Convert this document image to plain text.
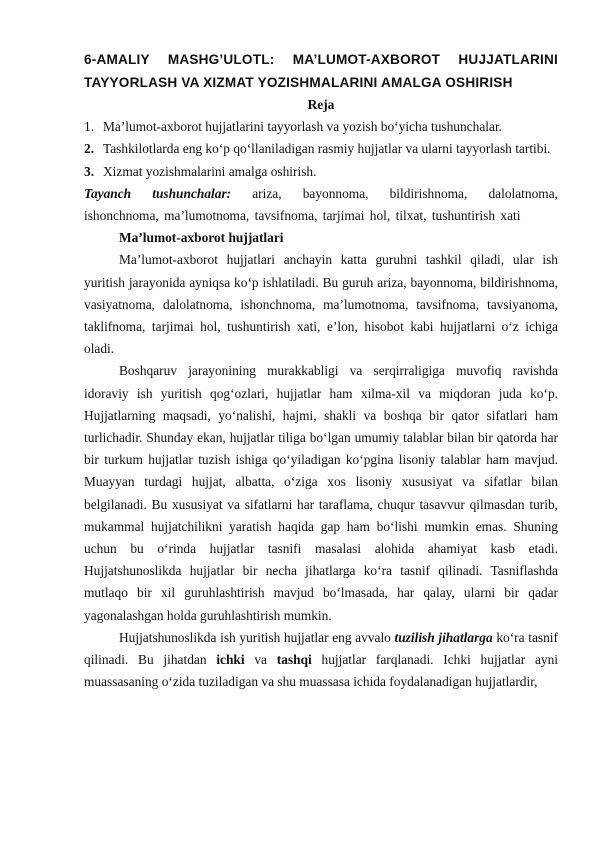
6-AMALIY MASHG’ULOTL: MA’LUMOT-AXBOROT HUJJATLARINI
TAYYORLASH VA XIZMAT YOZISHMALARINI AMALGA OSHIRISH
Reja

1. Ma’lumot-axborot hujjatlarini tayyorlash va yozish bo‘yicha tushunchalar.

2. Tashkilotlarda eng ko‘p qo‘llaniladigan rasmiy hujjatlar va ularni tayyorlash tartibi.

3. Xizmat yozishmalarini amalga oshirish.

Tayanch tushunchalar: ariza, bayonnoma, bildirishnoma, dalolatnoma, ishonchnoma, ma’lumotnoma, tavsifnoma, tarjimai hol, tilxat, tushuntirish xati

Ma’lumot-axborot hujjatlari

Ma’lumot-axborot hujjatlari anchayin katta guruhni tashkil qiladi, ular ish yuritish jarayonida ayniqsa ko‘p ishlatiladi. Bu guruh ariza, bayonnoma, bildirishnoma, vasiyatnoma, dalolatnoma, ishonchnoma, ma’lumotnoma, tavsifnoma, tavsiyanoma, taklifnoma, tarjimai hol, tushuntirish xati, e’lon, hisobot kabi hujjatlarni o‘z ichiga oladi.

Boshqaruv jarayonining murakkabligi va serqirraligiga muvofiq ravishda idoraviy ish yuritish qog‘ozlari, hujjatlar ham xilma-xil va miqdoran juda ko‘p. Hujjatlarning maqsadi, yo‘nalishi, hajmi, shakli va boshqa bir qator sifatlari ham turlichadir. Shunday ekan, hujjatlar tiliga bo‘lgan umumiy talablar bilan bir qatorda har bir turkum hujjatlar tuzish ishiga qo‘yiladigan ko‘pgina lisoniy talablar ham mavjud. Muayyan turdagi hujjat, albatta, o‘ziga xos lisoniy xususiyat va sifatlar bilan belgilanadi. Bu xususiyat va sifatlarni har taraflama, chuqur tasavvur qilmasdan turib, mukammal hujjatchilikni yaratish haqida gap ham bo‘lishi mumkin emas. Shuning uchun bu o‘rinda hujjatlar tasnifi masalasi alohida ahamiyat kasb etadi. Hujjatshunoslikda hujjatlar bir necha jihatlarga ko‘ra tasnif qilinadi. Tasniflashda mutlaqo bir xil guruhlashtirish mavjud bo‘lmasada, har qalay, ularni bir qadar yagonalashgan holda guruhlashtirish mumkin.

Hujjatshunoslikda ish yuritish hujjatlar eng avvalo tuzilish jihatlarga ko‘ra tasnif qilinadi. Bu jihatdan ichki va tashqi hujjatlar farqlanadi. Ichki hujjatlar ayni muassasaning o‘zida tuziladigan va shu muassasa ichida foydalanadigan hujjatlardir,
